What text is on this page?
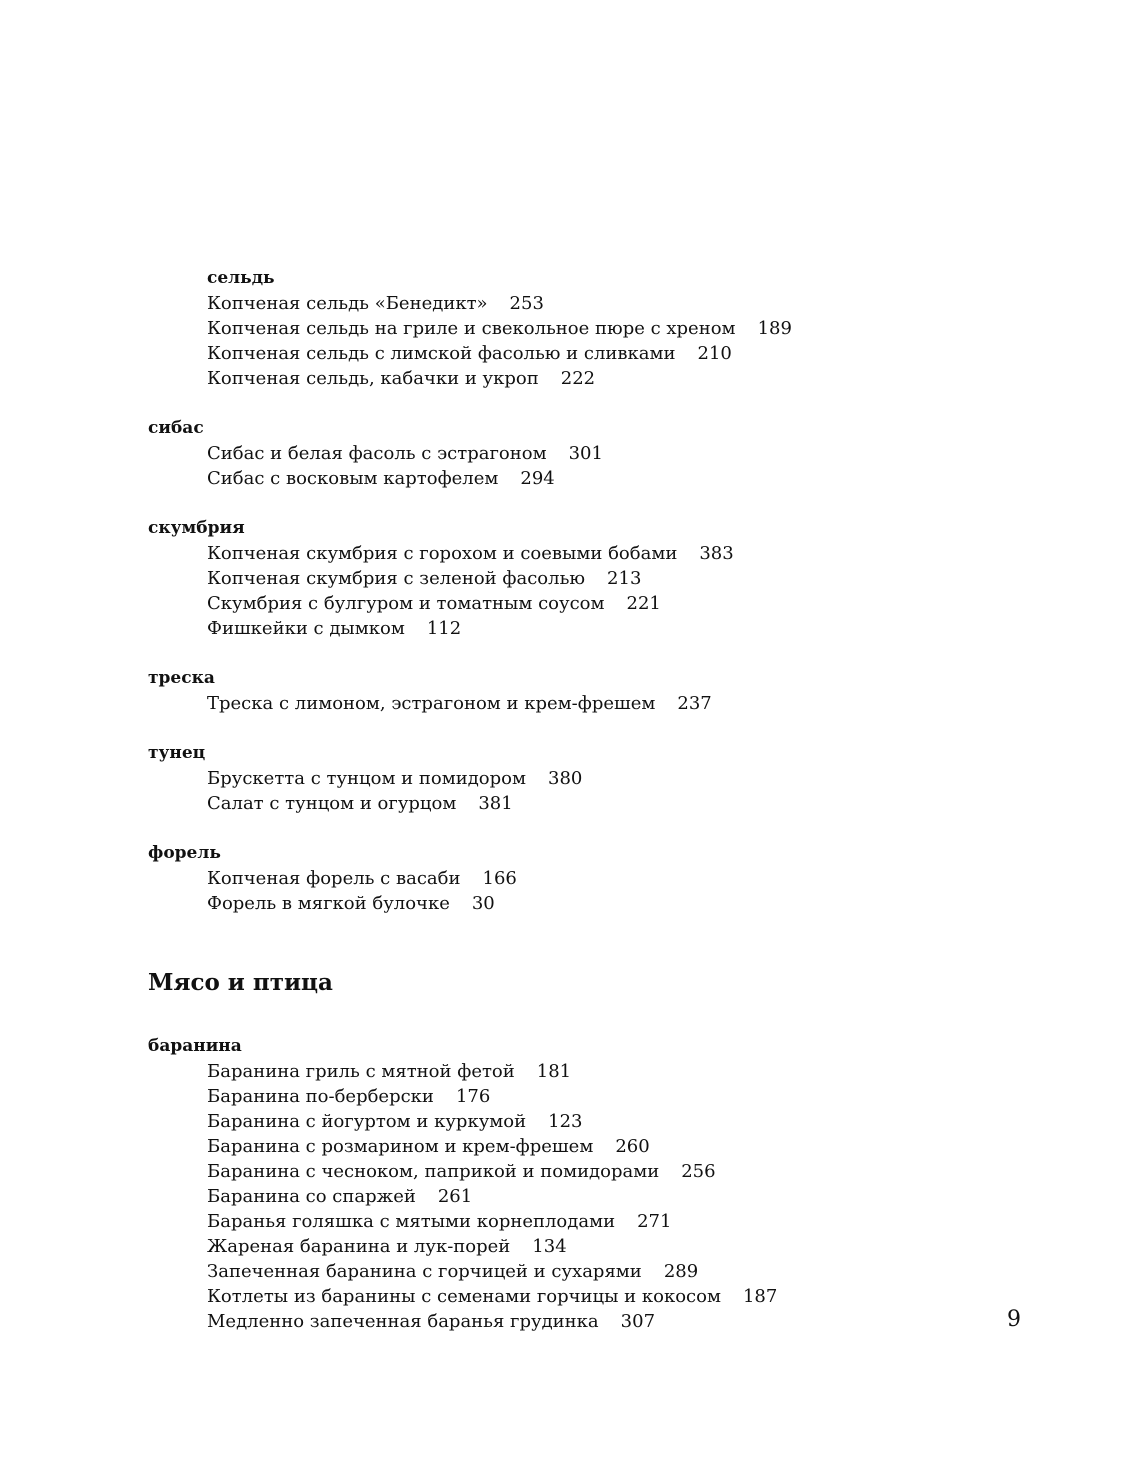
сельдь
Копченая сельдь «Бенедикт» 253
Копченая сельдь на гриле и свекольное пюре с хреном 189
Копченая сельдь с лимской фасолью и сливками 210
Копченая сельдь, кабачки и укроп 222
сибас
Сибас и белая фасоль с эстрагоном 301
Сибас с восковым картофелем 294
скумбрия
Копченая скумбрия с горохом и соевыми бобами 383
Копченая скумбрия с зеленой фасолью 213
Скумбрия с булгуром и томатным соусом 221
Фишкейки с дымком 112
треска
Треска с лимоном, эстрагоном и крем-фрешем 237
тунец
Брускетта с тунцом и помидором 380
Салат с тунцом и огурцом 381
форель
Копченая форель с васаби 166
Форель в мягкой булочке 30
Мясо и птица
баранина
Баранина гриль с мятной фетой 181
Баранина по-берберски 176
Баранина с йогуртом и куркумой 123
Баранина с розмарином и крем-фрешем 260
Баранина с чесноком, паприкой и помидорами 256
Баранина со спаржей 261
Баранья голяшка с мятыми корнеплодами 271
Жареная баранина и лук-порей 134
Запеченная баранина с горчицей и сухарями 289
Котлеты из баранины с семенами горчицы и кокосом 187
Медленно запеченная баранья грудинка 307	9
